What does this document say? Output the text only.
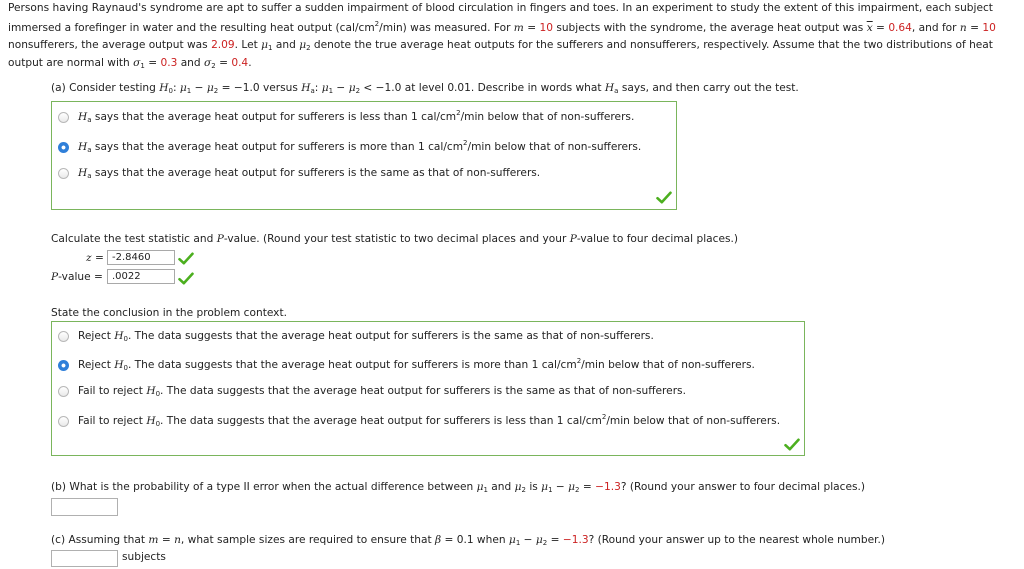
Persons having Raynaud's syndrome are apt to suffer a sudden impairment of blood circulation in fingers and toes. In an experiment to study the extent of this impairment, each subject
immersed a forefinger in water and the resulting heat output $(cal/cm^2/\min)$ was measured. For m = 10 subjects with the syndrome, the average heat output was $\overline{x} = 0.64$, and for n = 10
nonsufferers, the average output was 2.09. Let $\mu_1$ and $\mu_2$ denote the true average heat outputs for the sufferers and nonsufferers, respectively. Assume that the two distributions of heat
output are normal with $\sigma_1 = 0.3$ and $\sigma_2 = 0.4$.
(a) Consider testing $H_0$: $\mu_1 - \mu_2 = -1.0$ versus $H_a$: $\mu_1 - \mu_2 < -1.0$ at level 0.01. Describe in words what $H_a$ says, and then carry out the test.
$H_a$ says that the average heat output for sufferers is less than 1 cal/$cm^2/\min$ below that of non-sufferers.
$H_a$ says that the average heat output for sufferers is more than 1 cal/$cm^2/\min$ below that of non-sufferers.
$H_a$ says that the average heat output for sufferers is the same as that of non-sufferers.
Calculate the test statistic and P-value. (Round your test statistic to two decimal places and your P-value to four decimal places.)
z = -2.8460
P-value = .0022
State the conclusion in the problem context.
Reject $H_0$. The data suggests that the average heat output for sufferers is the same as that of non-sufferers.
Reject $H_0$. The data suggests that the average heat output for sufferers is more than 1 cal/$cm^2/\min$ below that of non-sufferers.
Fail to reject $H_0$. The data suggests that the average heat output for sufferers is the same as that of non-sufferers.
Fail to reject $H_0$. The data suggests that the average heat output for sufferers is less than 1 cal/$cm^2/\min$ below that of non-sufferers.
(b) What is the probability of a type II error when the actual difference between $\mu_1$ and $\mu_2$ is $\mu_1 - \mu_2 = -1.3$? (Round your answer to four decimal places.)
(c) Assuming that m = n, what sample sizes are required to ensure that β = 0.1 when $\mu_1 - \mu_2 = -1.3$? (Round your answer up to the nearest whole number.)
subjects
